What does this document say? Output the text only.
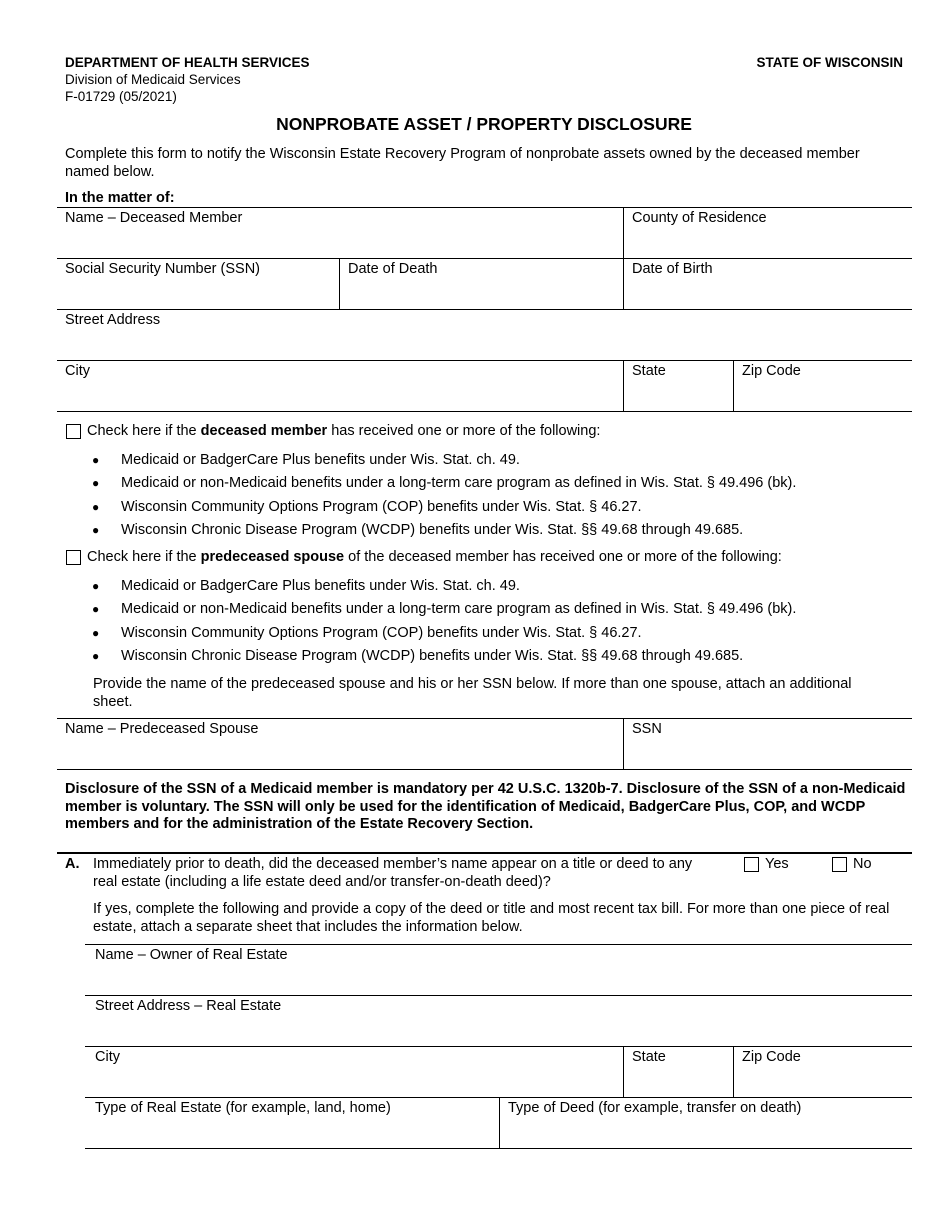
DEPARTMENT OF HEALTH SERVICES
Division of Medicaid Services
F-01729 (05/2021)
STATE OF WISCONSIN
NONPROBATE ASSET / PROPERTY DISCLOSURE
Complete this form to notify the Wisconsin Estate Recovery Program of nonprobate assets owned by the deceased member named below.
In the matter of:
Name – Deceased Member	County of Residence
Social Security Number (SSN)	Date of Death	Date of Birth
Street Address
City	State	Zip Code
Check here if the deceased member has received one or more of the following:
● Medicaid or BadgerCare Plus benefits under Wis. Stat. ch. 49.
● Medicaid or non-Medicaid benefits under a long-term care program as defined in Wis. Stat. § 49.496 (bk).
● Wisconsin Community Options Program (COP) benefits under Wis. Stat. § 46.27.
● Wisconsin Chronic Disease Program (WCDP) benefits under Wis. Stat. §§ 49.68 through 49.685.
Check here if the predeceased spouse of the deceased member has received one or more of the following:
● Medicaid or BadgerCare Plus benefits under Wis. Stat. ch. 49.
● Medicaid or non-Medicaid benefits under a long-term care program as defined in Wis. Stat. § 49.496 (bk).
● Wisconsin Community Options Program (COP) benefits under Wis. Stat. § 46.27.
● Wisconsin Chronic Disease Program (WCDP) benefits under Wis. Stat. §§ 49.68 through 49.685.
Provide the name of the predeceased spouse and his or her SSN below. If more than one spouse, attach an additional sheet.
Name – Predeceased Spouse	SSN
Disclosure of the SSN of a Medicaid member is mandatory per 42 U.S.C. 1320b-7. Disclosure of the SSN of a non-Medicaid member is voluntary. The SSN will only be used for the identification of Medicaid, BadgerCare Plus, COP, and WCDP members and for the administration of the Estate Recovery Section.
A. Immediately prior to death, did the deceased member’s name appear on a title or deed to any real estate (including a life estate deed and/or transfer-on-death deed)?
Yes	No
If yes, complete the following and provide a copy of the deed or title and most recent tax bill. For more than one piece of real estate, attach a separate sheet that includes the information below.
Name – Owner of Real Estate
Street Address – Real Estate
City	State	Zip Code
Type of Real Estate (for example, land, home)	Type of Deed (for example, transfer on death)
